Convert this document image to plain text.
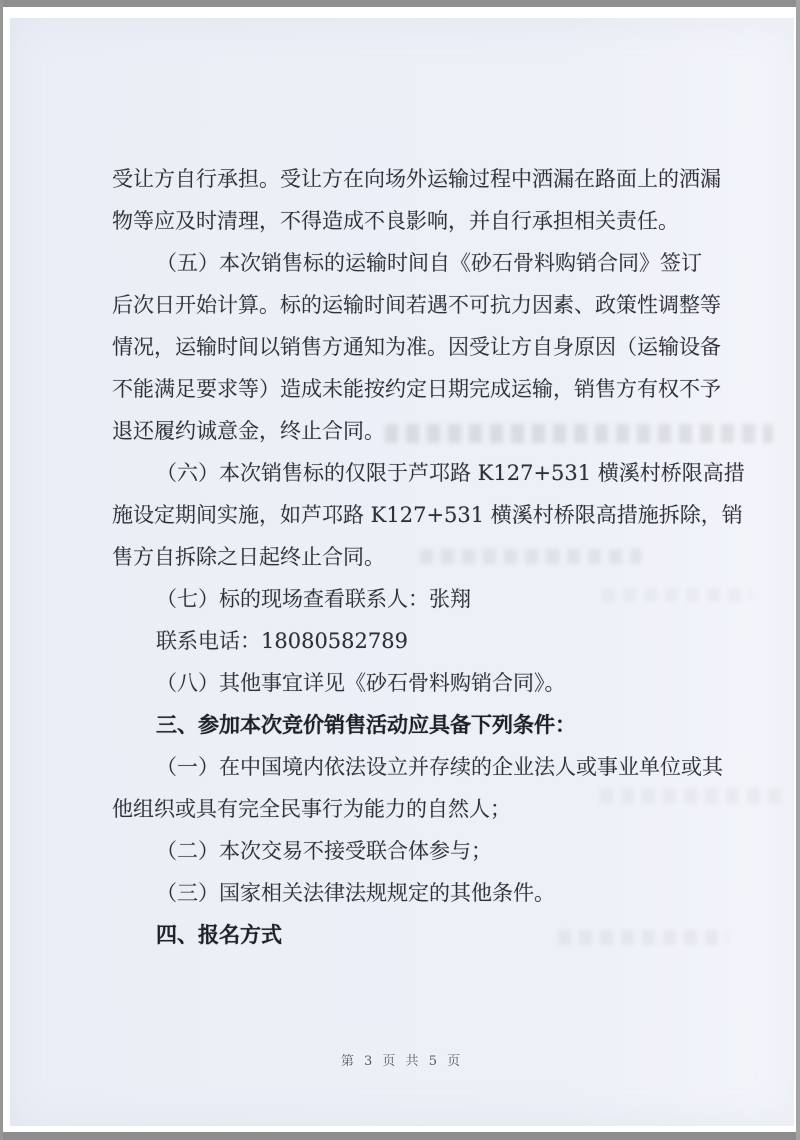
受让方自行承担。受让方在向场外运输过程中洒漏在路面上的洒漏
物等应及时清理，不得造成不良影响，并自行承担相关责任。
（五）本次销售标的运输时间自《砂石骨料购销合同》签订
后次日开始计算。标的运输时间若遇不可抗力因素、政策性调整等
情况，运输时间以销售方通知为准。因受让方自身原因（运输设备
不能满足要求等）造成未能按约定日期完成运输，销售方有权不予
退还履约诚意金，终止合同。
（六）本次销售标的仅限于芦邛路 K127+531 横溪村桥限高措
施设定期间实施，如芦邛路 K127+531 横溪村桥限高措施拆除，销
售方自拆除之日起终止合同。
（七）标的现场查看联系人：张翔
联系电话：18080582789
（八）其他事宜详见《砂石骨料购销合同》。
三、参加本次竞价销售活动应具备下列条件：
（一）在中国境内依法设立并存续的企业法人或事业单位或其
他组织或具有完全民事行为能力的自然人；
（二）本次交易不接受联合体参与；
（三）国家相关法律法规规定的其他条件。
四、报名方式
第 3 页 共 5 页
